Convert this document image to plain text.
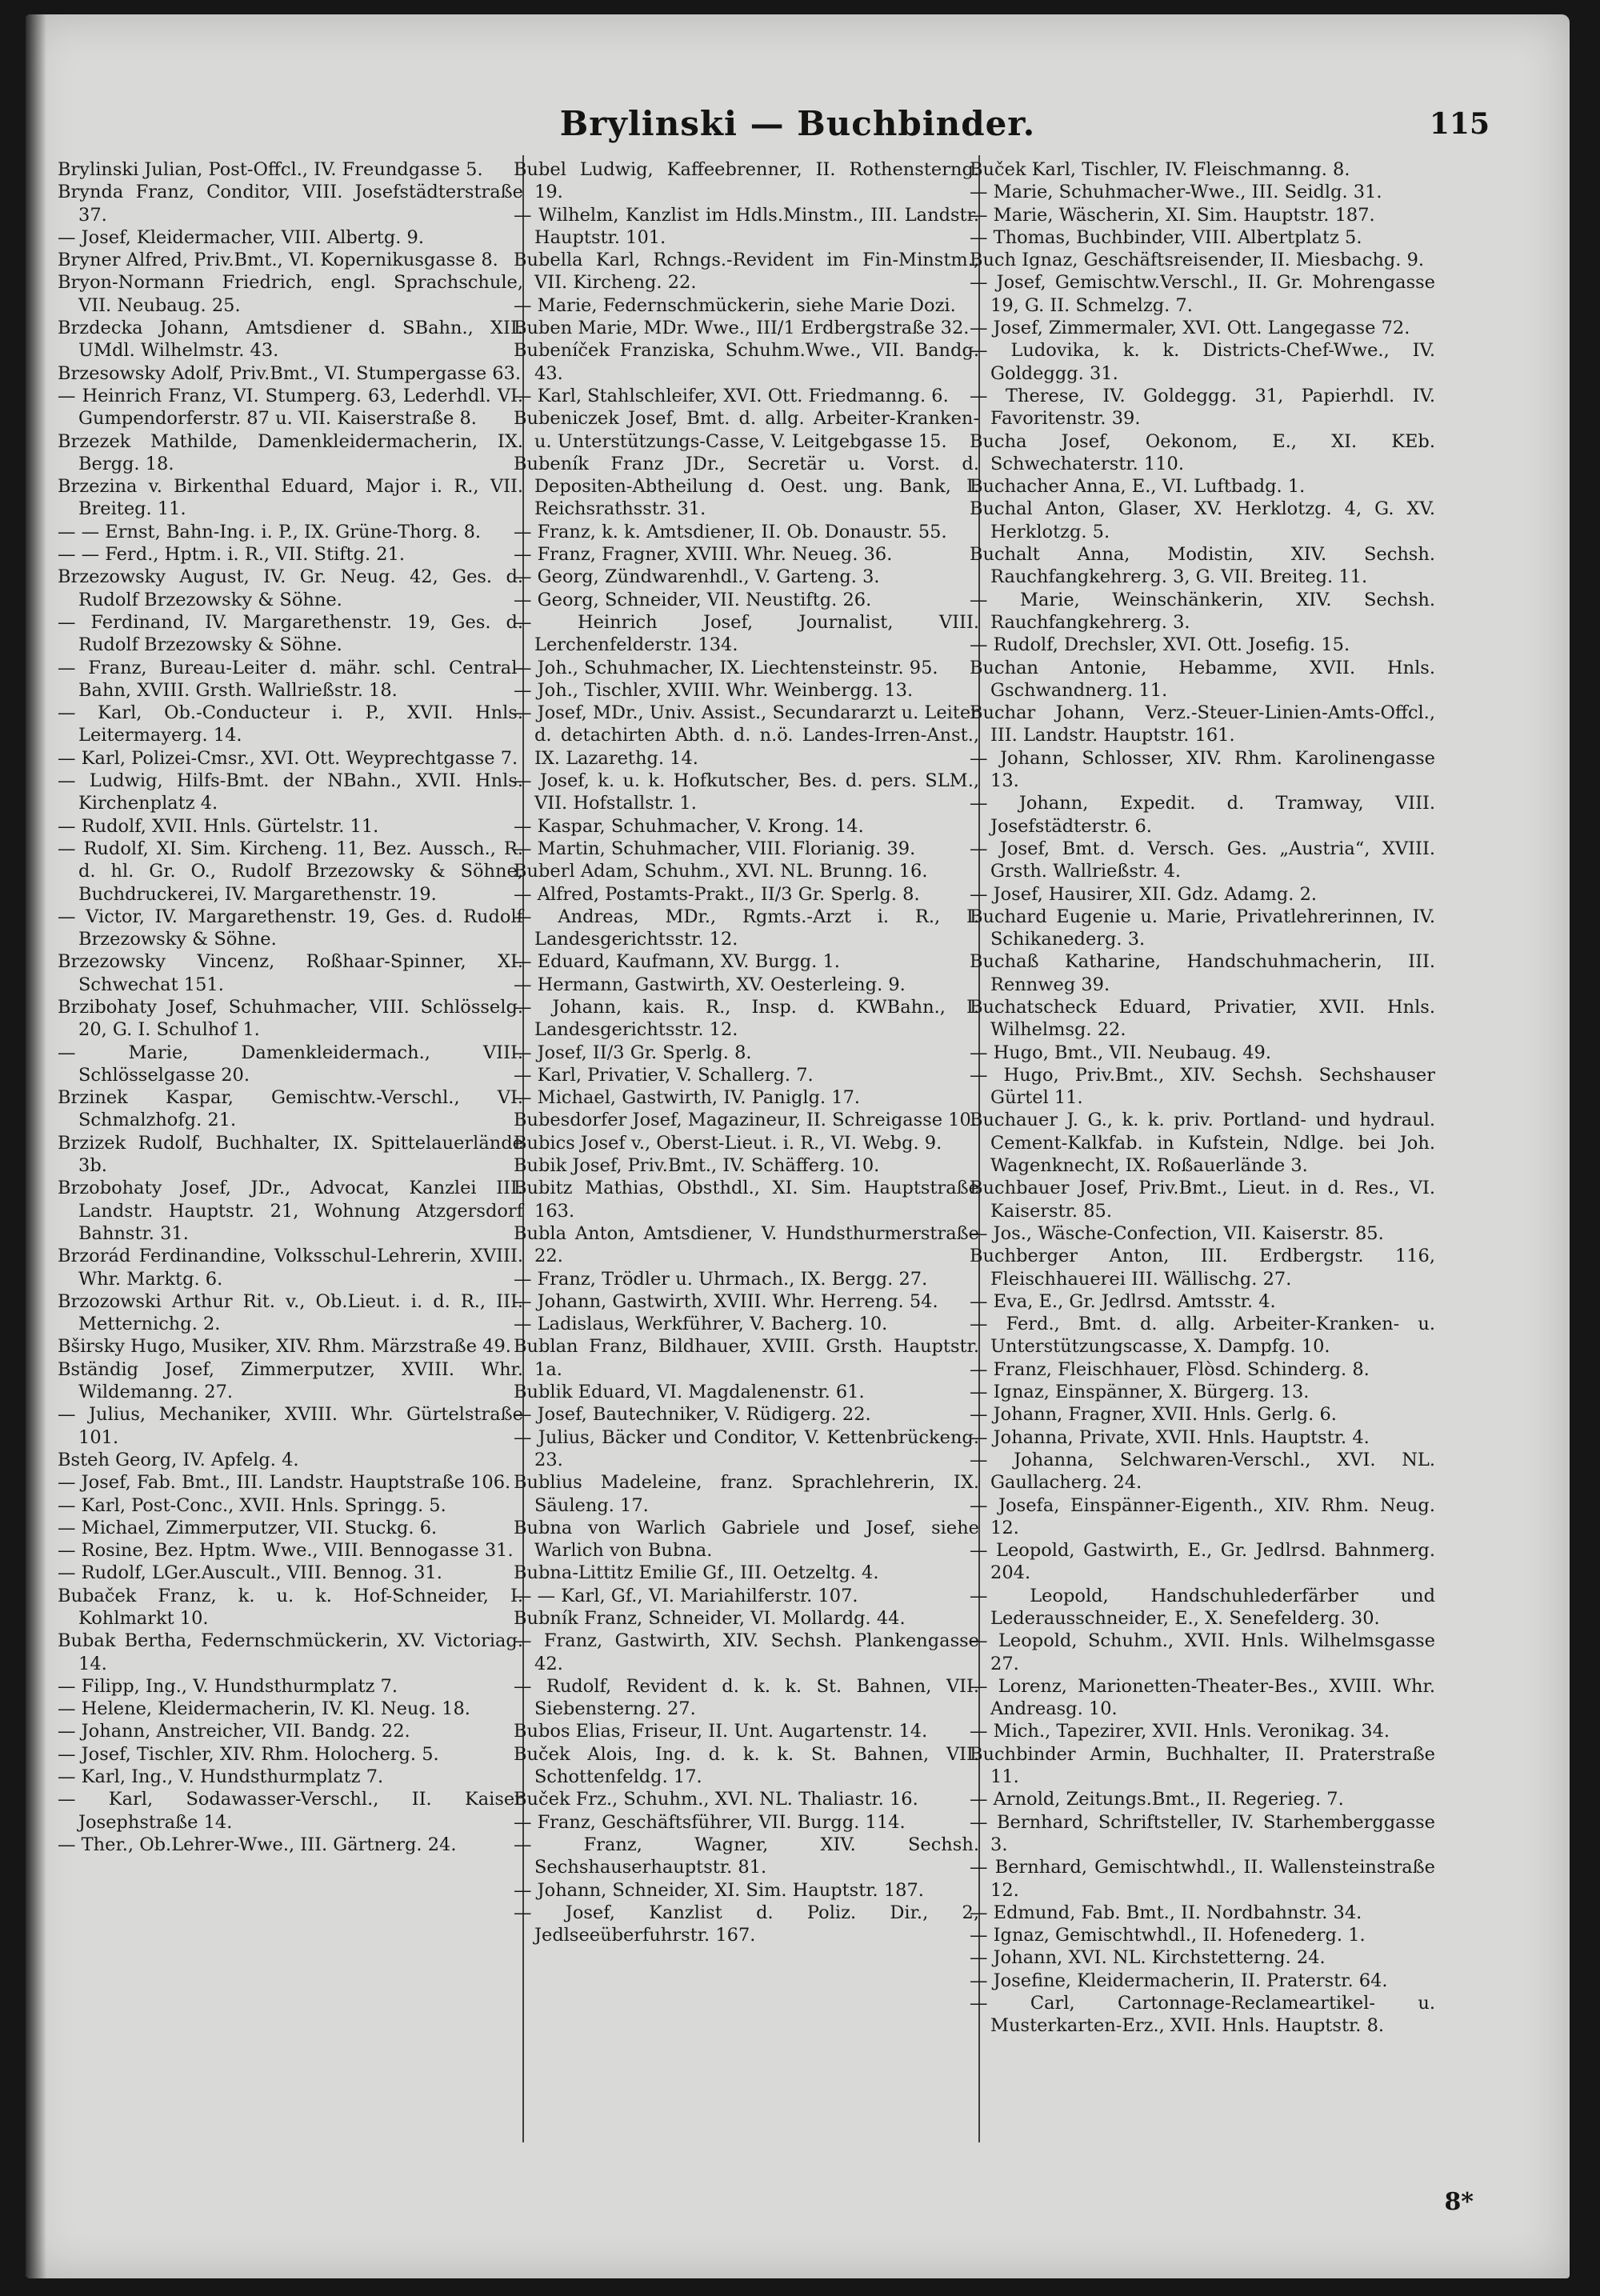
Brylinski — Buchbinder.	115

Brylinski Julian, Post-Offcl., IV. Freundgasse 5.

Brynda Franz, Conditor, VIII. Josefstädterstraße 37.

— Josef, Kleidermacher, VIII. Albertg. 9.

Bryner Alfred, Priv.Bmt., VI. Kopernikusgasse 8.

Bryon-Normann Friedrich, engl. Sprachschule, VII. Neubaug. 25.

Brzdecka Johann, Amtsdiener d. SBahn., XII. UMdl. Wilhelmstr. 43.

Brzesowsky Adolf, Priv.Bmt., VI. Stumpergasse 63.

— Heinrich Franz, VI. Stumperg. 63, Lederhdl. VI. Gumpendorferstr. 87 u. VII. Kaiserstraße 8.

Brzezek Mathilde, Damenkleidermacherin, IX. Bergg. 18.

Brzezina v. Birkenthal Eduard, Major i. R., VII. Breiteg. 11.

— — Ernst, Bahn-Ing. i. P., IX. Grüne-Thorg. 8.

— — Ferd., Hptm. i. R., VII. Stiftg. 21.

Brzezowsky August, IV. Gr. Neug. 42, Ges. d. Rudolf Brzezowsky & Söhne.

— Ferdinand, IV. Margarethenstr. 19, Ges. d. Rudolf Brzezowsky & Söhne.

— Franz, Bureau-Leiter d. mähr. schl. Central-Bahn, XVIII. Grsth. Wallrießstr. 18.

— Karl, Ob.-Conducteur i. P., XVII. Hnls. Leitermayerg. 14.

— Karl, Polizei-Cmsr., XVI. Ott. Weyprechtgasse 7.

— Ludwig, Hilfs-Bmt. der NBahn., XVII. Hnls. Kirchenplatz 4.

— Rudolf, XVII. Hnls. Gürtelstr. 11.

— Rudolf, XI. Sim. Kircheng. 11, Bez. Aussch., R. d. hl. Gr. O., Rudolf Brzezowsky & Söhne, Buchdruckerei, IV. Margarethenstr. 19.

— Victor, IV. Margarethenstr. 19, Ges. d. Rudolf Brzezowsky & Söhne.

Brzezowsky Vincenz, Roßhaar-Spinner, XI. Schwechat 151.

Brzibohaty Josef, Schuhmacher, VIII. Schlösselg. 20, G. I. Schulhof 1.

— Marie, Damenkleidermach., VIII. Schlösselgasse 20.

Brzinek Kaspar, Gemischtw.-Verschl., VI. Schmalzhofg. 21.

Brzizek Rudolf, Buchhalter, IX. Spittelauerlände 3b.

Brzobohaty Josef, JDr., Advocat, Kanzlei III. Landstr. Hauptstr. 21, Wohnung Atzgersdorf Bahnstr. 31.

Brzorád Ferdinandine, Volksschul-Lehrerin, XVIII. Whr. Marktg. 6.

Brzozowski Arthur Rit. v., Ob.Lieut. i. d. R., III. Metternichg. 2.

Bširsky Hugo, Musiker, XIV. Rhm. Märzstraße 49.

Bständig Josef, Zimmerputzer, XVIII. Whr. Wildemanng. 27.

— Julius, Mechaniker, XVIII. Whr. Gürtelstraße 101.

Bsteh Georg, IV. Apfelg. 4.

— Josef, Fab. Bmt., III. Landstr. Hauptstraße 106.

— Karl, Post-Conc., XVII. Hnls. Springg. 5.

— Michael, Zimmerputzer, VII. Stuckg. 6.

— Rosine, Bez. Hptm. Wwe., VIII. Bennogasse 31.

— Rudolf, LGer.Auscult., VIII. Bennog. 31.

Bubaček Franz, k. u. k. Hof-Schneider, I. Kohlmarkt 10.

Bubak Bertha, Federnschmückerin, XV. Victoriag. 14.

— Filipp, Ing., V. Hundsthurmplatz 7.

— Helene, Kleidermacherin, IV. Kl. Neug. 18.

— Johann, Anstreicher, VII. Bandg. 22.

— Josef, Tischler, XIV. Rhm. Holocherg. 5.

— Karl, Ing., V. Hundsthurmplatz 7.

— Karl, Sodawasser-Verschl., II. Kaiser Josephstraße 14.

— Ther., Ob.Lehrer-Wwe., III. Gärtnerg. 24.

Bubel Ludwig, Kaffeebrenner, II. Rothensterng. 19.

— Wilhelm, Kanzlist im Hdls.Minstm., III. Landstr. Hauptstr. 101.

Bubella Karl, Rchngs.-Revident im Fin-Minstm., VII. Kircheng. 22.

— Marie, Federnschmückerin, siehe Marie Dozi.

Buben Marie, MDr. Wwe., III/1 Erdbergstraße 32.

Bubeníček Franziska, Schuhm.Wwe., VII. Bandg. 43.

— Karl, Stahlschleifer, XVI. Ott. Friedmanng. 6.

Bubeniczek Josef, Bmt. d. allg. Arbeiter-Kranken- u. Unterstützungs-Casse, V. Leitgebgasse 15.

Bubeník Franz JDr., Secretär u. Vorst. d. Depositen-Abtheilung d. Oest. ung. Bank, I. Reichsrathsstr. 31.

— Franz, k. k. Amtsdiener, II. Ob. Donaustr. 55.

— Franz, Fragner, XVIII. Whr. Neueg. 36.

— Georg, Zündwarenhdl., V. Garteng. 3.

— Georg, Schneider, VII. Neustiftg. 26.

— Heinrich Josef, Journalist, VIII. Lerchenfelderstr. 134.

— Joh., Schuhmacher, IX. Liechtensteinstr. 95.

— Joh., Tischler, XVIII. Whr. Weinbergg. 13.

— Josef, MDr., Univ. Assist., Secundararzt u. Leiter d. detachirten Abth. d. n.ö. Landes-Irren-Anst., IX. Lazarethg. 14.

— Josef, k. u. k. Hofkutscher, Bes. d. pers. SLM., VII. Hofstallstr. 1.

— Kaspar, Schuhmacher, V. Krong. 14.

— Martin, Schuhmacher, VIII. Florianig. 39.

Buberl Adam, Schuhm., XVI. NL. Brunng. 16.

— Alfred, Postamts-Prakt., II/3 Gr. Sperlg. 8.

— Andreas, MDr., Rgmts.-Arzt i. R., I. Landesgerichtsstr. 12.

— Eduard, Kaufmann, XV. Burgg. 1.

— Hermann, Gastwirth, XV. Oesterleing. 9.

— Johann, kais. R., Insp. d. KWBahn., I. Landesgerichtsstr. 12.

— Josef, II/3 Gr. Sperlg. 8.

— Karl, Privatier, V. Schallerg. 7.

— Michael, Gastwirth, IV. Paniglg. 17.

Bubesdorfer Josef, Magazineur, II. Schreigasse 10.

Bubics Josef v., Oberst-Lieut. i. R., VI. Webg. 9.

Bubik Josef, Priv.Bmt., IV. Schäfferg. 10.

Bubitz Mathias, Obsthdl., XI. Sim. Hauptstraße 163.

Bubla Anton, Amtsdiener, V. Hundsthurmerstraße 22.

— Franz, Trödler u. Uhrmach., IX. Bergg. 27.

— Johann, Gastwirth, XVIII. Whr. Herreng. 54.

— Ladislaus, Werkführer, V. Bacherg. 10.

Bublan Franz, Bildhauer, XVIII. Grsth. Hauptstr. 1a.

Bublik Eduard, VI. Magdalenenstr. 61.

— Josef, Bautechniker, V. Rüdigerg. 22.

— Julius, Bäcker und Conditor, V. Kettenbrückeng. 23.

Bublius Madeleine, franz. Sprachlehrerin, IX. Säuleng. 17.

Bubna von Warlich Gabriele und Josef, siehe Warlich von Bubna.

Bubna-Littitz Emilie Gf., III. Oetzeltg. 4.

— — Karl, Gf., VI. Mariahilferstr. 107.

Bubník Franz, Schneider, VI. Mollardg. 44.

— Franz, Gastwirth, XIV. Sechsh. Plankengasse 42.

— Rudolf, Revident d. k. k. St. Bahnen, VII. Siebensterng. 27.

Bubos Elias, Friseur, II. Unt. Augartenstr. 14.

Buček Alois, Ing. d. k. k. St. Bahnen, VII. Schottenfeldg. 17.

Buček Frz., Schuhm., XVI. NL. Thaliastr. 16.

— Franz, Geschäftsführer, VII. Burgg. 114.

— Franz, Wagner, XIV. Sechsh. Sechshauserhauptstr. 81.

— Johann, Schneider, XI. Sim. Hauptstr. 187.

— Josef, Kanzlist d. Poliz. Dir., 2, Jedlseeüberfuhrstr. 167.

Buček Karl, Tischler, IV. Fleischmanng. 8.

— Marie, Schuhmacher-Wwe., III. Seidlg. 31.

— Marie, Wäscherin, XI. Sim. Hauptstr. 187.

— Thomas, Buchbinder, VIII. Albertplatz 5.

Buch Ignaz, Geschäftsreisender, II. Miesbachg. 9.

— Josef, Gemischtw.Verschl., II. Gr. Mohrengasse 19, G. II. Schmelzg. 7.

— Josef, Zimmermaler, XVI. Ott. Langegasse 72.

— Ludovika, k. k. Districts-Chef-Wwe., IV. Goldeggg. 31.

— Therese, IV. Goldeggg. 31, Papierhdl. IV. Favoritenstr. 39.

Bucha Josef, Oekonom, E., XI. KEb. Schwechaterstr. 110.

Buchacher Anna, E., VI. Luftbadg. 1.

Buchal Anton, Glaser, XV. Herklotzg. 4, G. XV. Herklotzg. 5.

Buchalt Anna, Modistin, XIV. Sechsh. Rauchfangkehrerg. 3, G. VII. Breiteg. 11.

— Marie, Weinschänkerin, XIV. Sechsh. Rauchfangkehrerg. 3.

— Rudolf, Drechsler, XVI. Ott. Josefig. 15.

Buchan Antonie, Hebamme, XVII. Hnls. Gschwandnerg. 11.

Buchar Johann, Verz.-Steuer-Linien-Amts-Offcl., III. Landstr. Hauptstr. 161.

— Johann, Schlosser, XIV. Rhm. Karolinengasse 13.

— Johann, Expedit. d. Tramway, VIII. Josefstädterstr. 6.

— Josef, Bmt. d. Versch. Ges. „Austria“, XVIII. Grsth. Wallrießstr. 4.

— Josef, Hausirer, XII. Gdz. Adamg. 2.

Buchard Eugenie u. Marie, Privatlehrerinnen, IV. Schikanederg. 3.

Buchaß Katharine, Handschuhmacherin, III. Rennweg 39.

Buchatscheck Eduard, Privatier, XVII. Hnls. Wilhelmsg. 22.

— Hugo, Bmt., VII. Neubaug. 49.

— Hugo, Priv.Bmt., XIV. Sechsh. Sechshauser Gürtel 11.

Buchauer J. G., k. k. priv. Portland- und hydraul. Cement-Kalkfab. in Kufstein, Ndlge. bei Joh. Wagenknecht, IX. Roßauerlände 3.

Buchbauer Josef, Priv.Bmt., Lieut. in d. Res., VI. Kaiserstr. 85.

— Jos., Wäsche-Confection, VII. Kaiserstr. 85.

Buchberger Anton, III. Erdbergstr. 116, Fleischhauerei III. Wällischg. 27.

— Eva, E., Gr. Jedlrsd. Amtsstr. 4.

— Ferd., Bmt. d. allg. Arbeiter-Kranken- u. Unterstützungscasse, X. Dampfg. 10.

— Franz, Fleischhauer, Flòsd. Schinderg. 8.

— Ignaz, Einspänner, X. Bürgerg. 13.

— Johann, Fragner, XVII. Hnls. Gerlg. 6.

— Johanna, Private, XVII. Hnls. Hauptstr. 4.

— Johanna, Selchwaren-Verschl., XVI. NL. Gaullacherg. 24.

— Josefa, Einspänner-Eigenth., XIV. Rhm. Neug. 12.

— Leopold, Gastwirth, E., Gr. Jedlrsd. Bahnmerg. 204.

— Leopold, Handschuhlederfärber und Lederausschneider, E., X. Senefelderg. 30.

— Leopold, Schuhm., XVII. Hnls. Wilhelmsgasse 27.

— Lorenz, Marionetten-Theater-Bes., XVIII. Whr. Andreasg. 10.

— Mich., Tapezirer, XVII. Hnls. Veronikag. 34.

Buchbinder Armin, Buchhalter, II. Praterstraße 11.

— Arnold, Zeitungs.Bmt., II. Regerieg. 7.

— Bernhard, Schriftsteller, IV. Starhemberggasse 3.

— Bernhard, Gemischtwhdl., II. Wallensteinstraße 12.

— Edmund, Fab. Bmt., II. Nordbahnstr. 34.

— Ignaz, Gemischtwhdl., II. Hofenederg. 1.

— Johann, XVI. NL. Kirchstetterng. 24.

— Josefine, Kleidermacherin, II. Praterstr. 64.

— Carl, Cartonnage-Reclameartikel- u. Musterkarten-Erz., XVII. Hnls. Hauptstr. 8.

8*
